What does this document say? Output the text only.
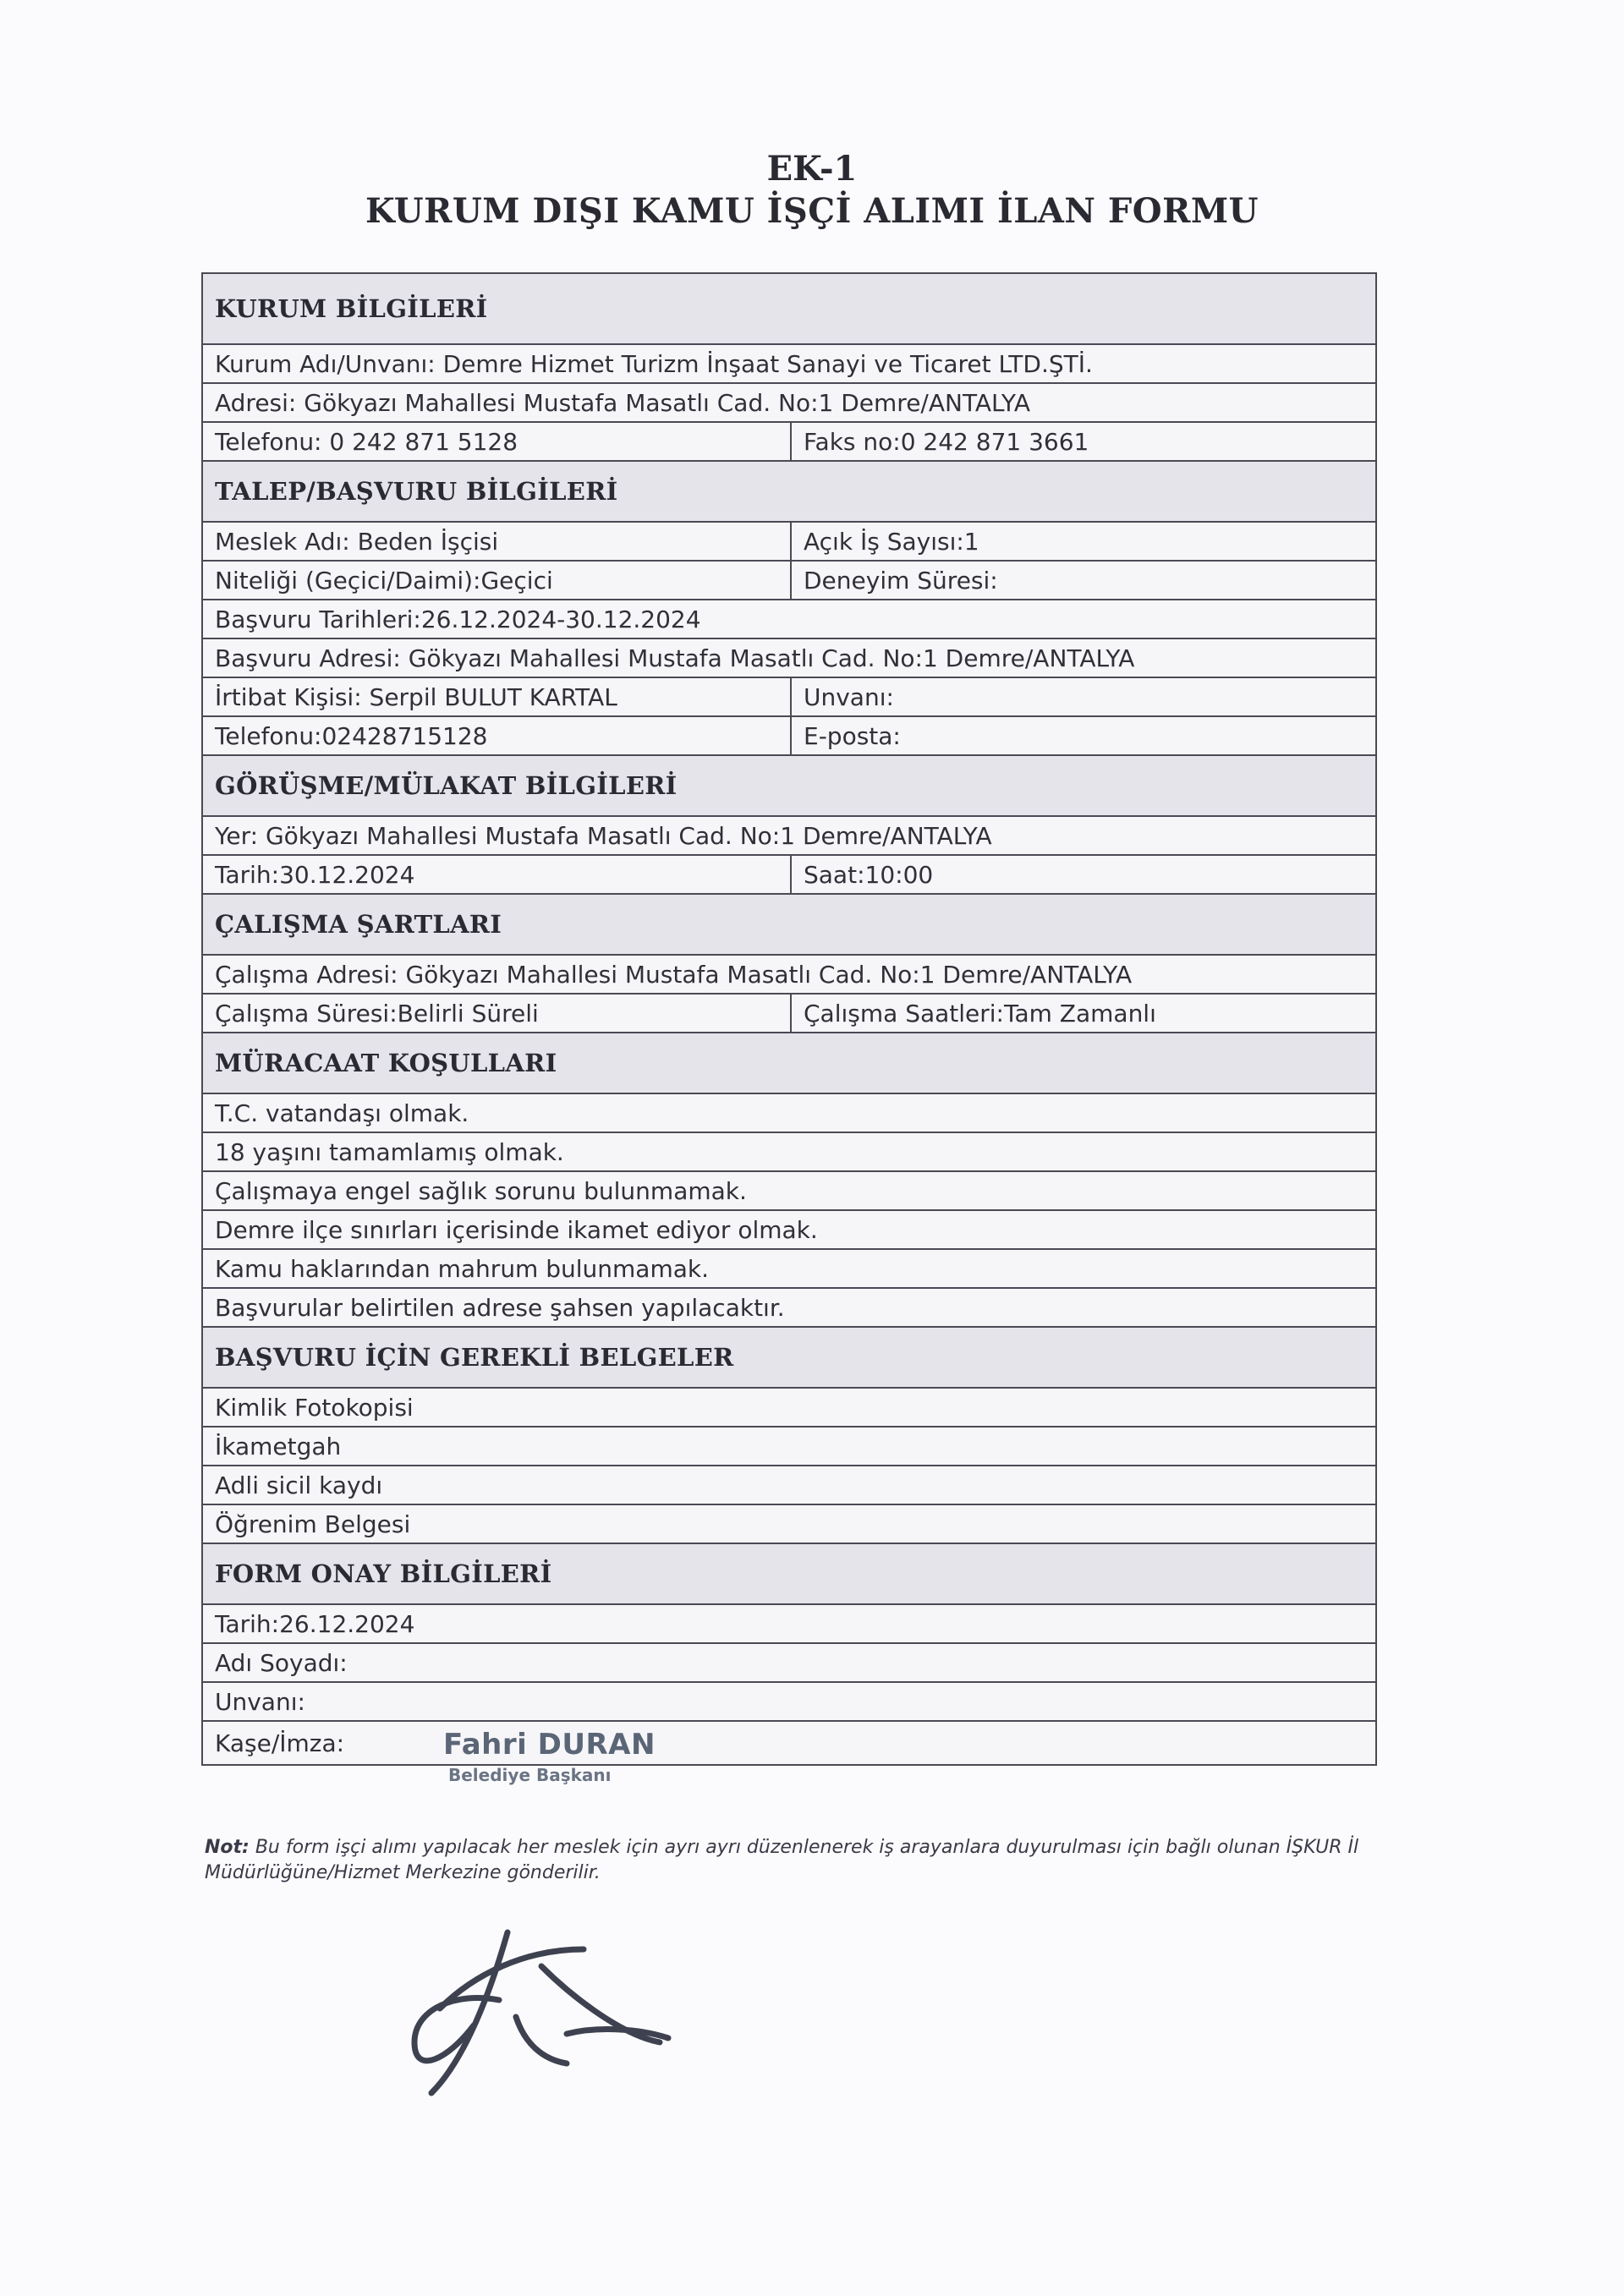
EK-1
KURUM DIŞI KAMU İŞÇİ ALIMI İLAN FORMU
KURUM BİLGİLERİ
Kurum Adı/Unvanı: Demre Hizmet Turizm İnşaat Sanayi ve Ticaret LTD.ŞTİ.
Adresi: Gökyazı Mahallesi Mustafa Masatlı Cad. No:1 Demre/ANTALYA
Telefonu: 0 242 871 5128	Faks no:0 242 871 3661
TALEP/BAŞVURU BİLGİLERİ
Meslek Adı: Beden İşçisi	Açık İş Sayısı:1
Niteliği (Geçici/Daimi):Geçici	Deneyim Süresi:
Başvuru Tarihleri:26.12.2024-30.12.2024
Başvuru Adresi: Gökyazı Mahallesi Mustafa Masatlı Cad. No:1 Demre/ANTALYA
İrtibat Kişisi: Serpil BULUT KARTAL	Unvanı:
Telefonu:02428715128	E-posta:
GÖRÜŞME/MÜLAKAT BİLGİLERİ
Yer: Gökyazı Mahallesi Mustafa Masatlı Cad. No:1 Demre/ANTALYA
Tarih:30.12.2024	Saat:10:00
ÇALIŞMA ŞARTLARI
Çalışma Adresi: Gökyazı Mahallesi Mustafa Masatlı Cad. No:1 Demre/ANTALYA
Çalışma Süresi:Belirli Süreli	Çalışma Saatleri:Tam Zamanlı
MÜRACAAT KOŞULLARI
T.C. vatandaşı olmak.
18 yaşını tamamlamış olmak.
Çalışmaya engel sağlık sorunu bulunmamak.
Demre ilçe sınırları içerisinde ikamet ediyor olmak.
Kamu haklarından mahrum bulunmamak.
Başvurular belirtilen adrese şahsen yapılacaktır.
BAŞVURU İÇİN GEREKLİ BELGELER
Kimlik Fotokopisi
İkametgah
Adli sicil kaydı
Öğrenim Belgesi
FORM ONAY BİLGİLERİ
Tarih:26.12.2024
Adı Soyadı:
Unvanı:
Kaşe/İmza:	Fahri DURAN
Belediye Başkanı
Not: Bu form işçi alımı yapılacak her meslek için ayrı ayrı düzenlenerek iş arayanlara duyurulması için bağlı olunan İŞKUR İl Müdürlüğüne/Hizmet Merkezine gönderilir.
